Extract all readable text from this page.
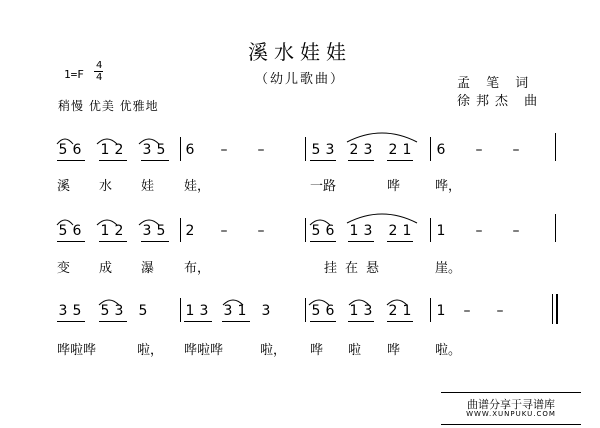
溪水娃娃
（幼儿歌曲）
1=F
4
4	孟 笔 词
徐邦杰 曲
稍慢 优美 优雅地
5 6 1 2 3 5 6 – –	5 3 2 3 2 1 6 – –
溪 水 娃 娃，	一路	哗	哗，
5 6 1 2 3 5 2 – –	5 6 1 3 2 1 1 – –
变 成 瀑 布，	挂在悬	崖。
3 5 5 3 5	1 3 3 1 3	5 6 1 3 2 1 1 – –
哗啦哗	啦， 哗啦哗	啦， 哗 啦 哗	啦。
曲谱分享于寻谱库
WWW.XUNPUKU.COM
